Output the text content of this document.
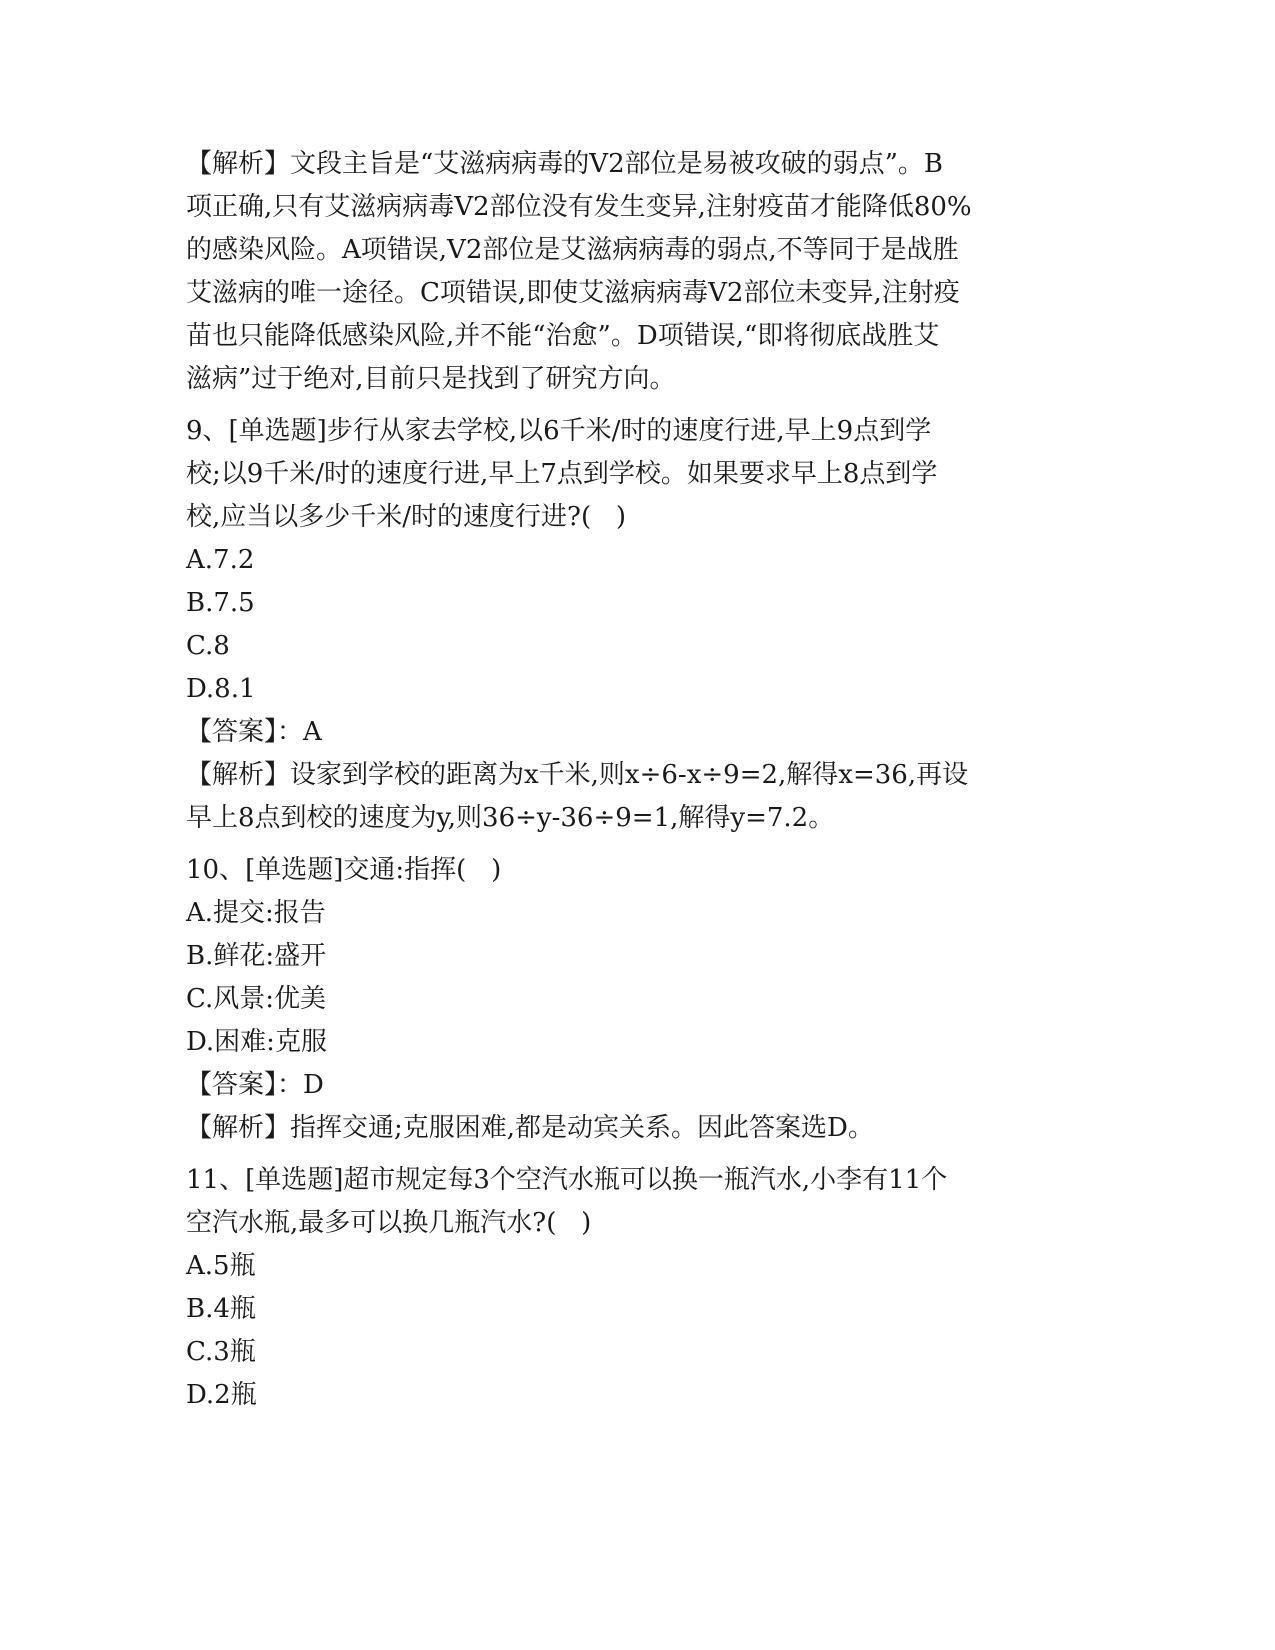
【解析】文段主旨是“艾滋病病毒的V2部位是易被攻破的弱点”。B
项正确,只有艾滋病病毒V2部位没有发生变异,注射疫苗才能降低80%
的感染风险。A项错误,V2部位是艾滋病病毒的弱点,不等同于是战胜
艾滋病的唯一途径。C项错误,即使艾滋病病毒V2部位未变异,注射疫
苗也只能降低感染风险,并不能“治愈”。D项错误,“即将彻底战胜艾
滋病”过于绝对,目前只是找到了研究方向。
9、[单选题]步行从家去学校,以6千米/时的速度行进,早上9点到学
校;以9千米/时的速度行进,早上7点到学校。如果要求早上8点到学
校,应当以多少千米/时的速度行进?(   )
A.7.2
B.7.5
C.8
D.8.1
【答案】：A
【解析】设家到学校的距离为x千米,则x÷6-x÷9=2,解得x=36,再设
早上8点到校的速度为y,则36÷y-36÷9=1,解得y=7.2。
10、[单选题]交通:指挥(   )
A.提交:报告
B.鲜花:盛开
C.风景:优美
D.困难:克服
【答案】：D
【解析】指挥交通;克服困难,都是动宾关系。因此答案选D。
11、[单选题]超市规定每3个空汽水瓶可以换一瓶汽水,小李有11个
空汽水瓶,最多可以换几瓶汽水?(   )
A.5瓶
B.4瓶
C.3瓶
D.2瓶
